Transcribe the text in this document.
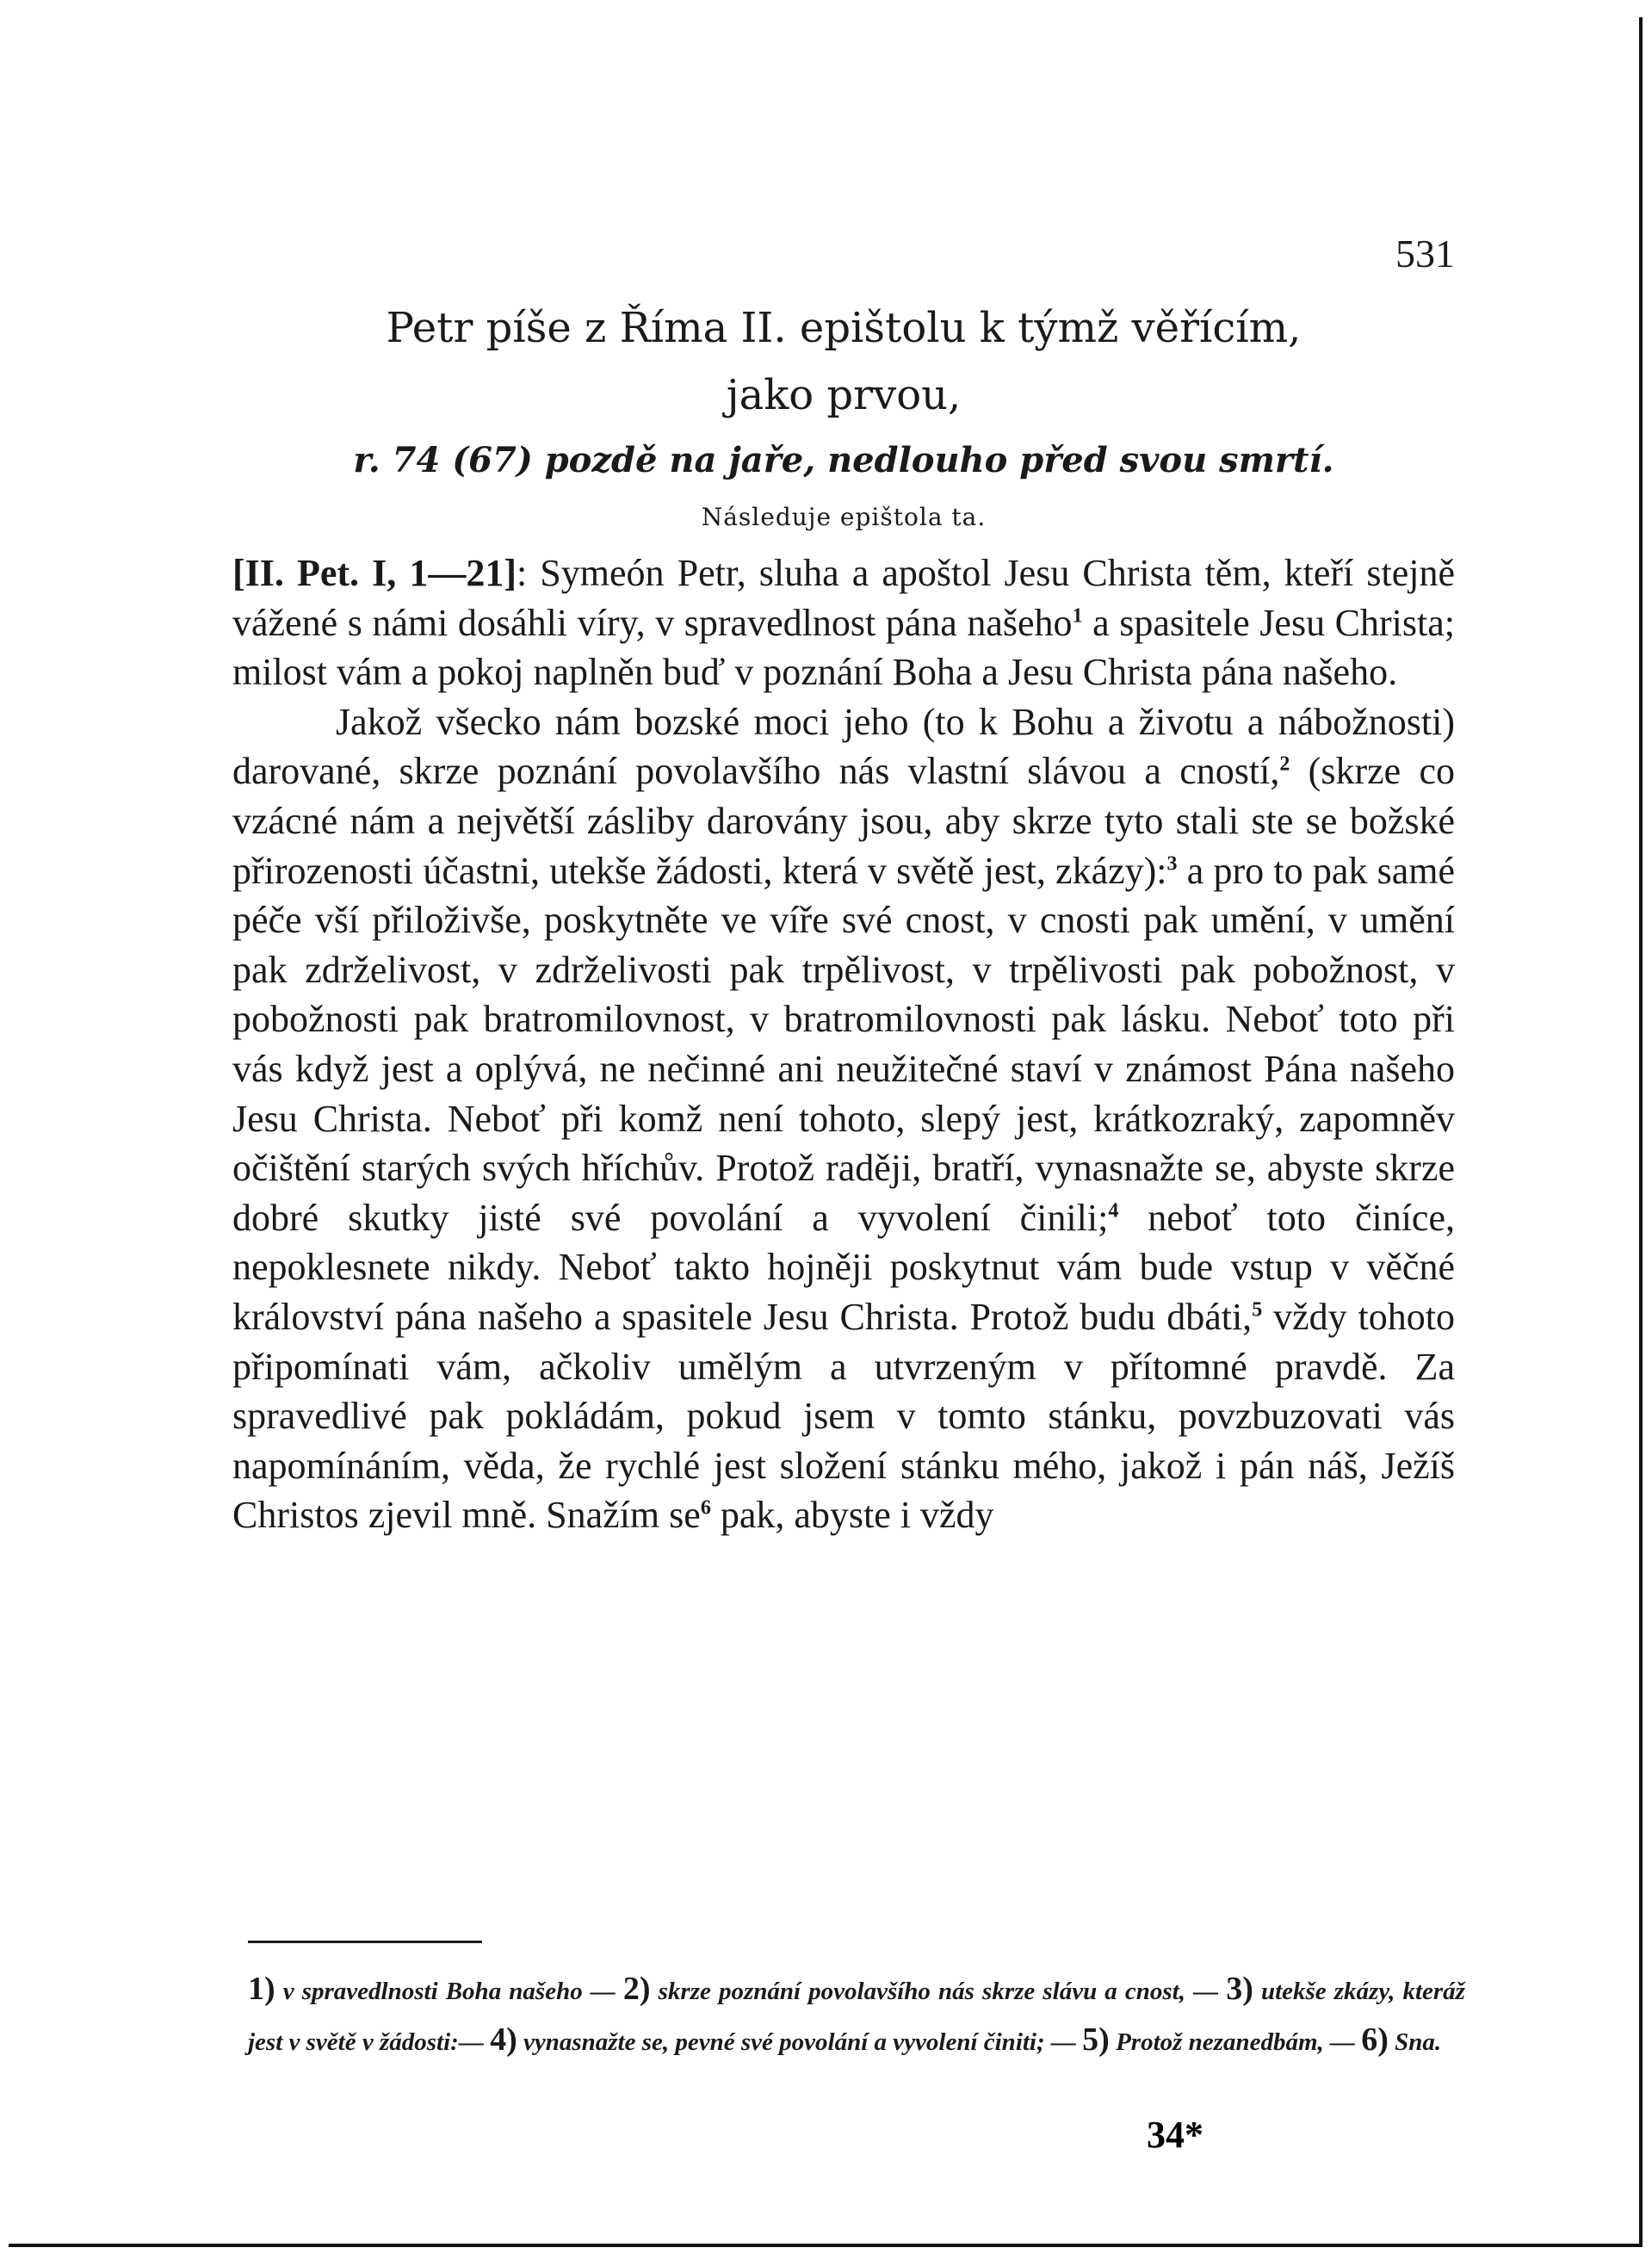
531
Petr píše z Říma II. epištolu k týmž věřícím,
jako prvou,
r. 74 (67) pozdě na jaře, nedlouho před svou smrtí.
Následuje epištola ta.

[II. Pet. I, 1—21]: Symeón Petr, sluha a apoštol Jesu Christa těm, kteří stejně vážené s námi dosáhli víry, v spravedlnost pána našeho$^1$ a spasitele Jesu Christa; milost vám a pokoj naplněn buď v poznání Boha a Jesu Christa pána našeho.

Jakož všecko nám bozské moci jeho (to k Bohu a životu a nábožnosti) darované, skrze poznání povolavšího nás vlastní slávou a cností,$^2$ (skrze co vzácné nám a největší zásliby darovány jsou, aby skrze tyto stali ste se božské přirozenosti účastni, utekše žádosti, která v světě jest, zkázy):$^3$ a pro to pak samé péče vší přiloživše, poskytněte ve víře své cnost, v cnosti pak umění, v umění pak zdrželivost, v zdrželivosti pak trpělivost, v trpělivosti pak pobožnost, v pobožnosti pak bratromilovnost, v bratromilovnosti pak lásku. Neboť toto při vás když jest a oplývá, ne nečinné ani neužitečné staví v známost Pána našeho Jesu Christa. Neboť při komž není tohoto, slepý jest, krátkozraký, zapomněv očištění starých svých hříchův. Protož raději, bratří, vynasnažte se, abyste skrze dobré skutky jisté své povolání a vyvolení činili;$^4$ neboť toto činíce, nepoklesnete nikdy. Neboť takto hojněji poskytnut vám bude vstup v věčné království pána našeho a spasitele Jesu Christa. Protož budu dbáti,$^5$ vždy tohoto připomínati vám, ačkoliv umělým a utvrzeným v přítomné pravdě. Za spravedlivé pak pokládám, pokud jsem v tomto stánku, povzbuzovati vás napomínáním, věda, že rychlé jest složení stánku mého, jakož i pán náš, Ježíš Christos zjevil mně. Snažím $se^6$ pak, abyste i vždy

1) v spravedlnosti Boha našeho — 2) skrze poznání povolavšího nás skrze slávu a cnost, — 3) utekše zkázy, kteráž jest v světě v žádosti:— 4) vynasnažte se, pevné své povolání a vyvolení činiti; — 5) Protož nezanedbám, — 6) Sna.
34*
